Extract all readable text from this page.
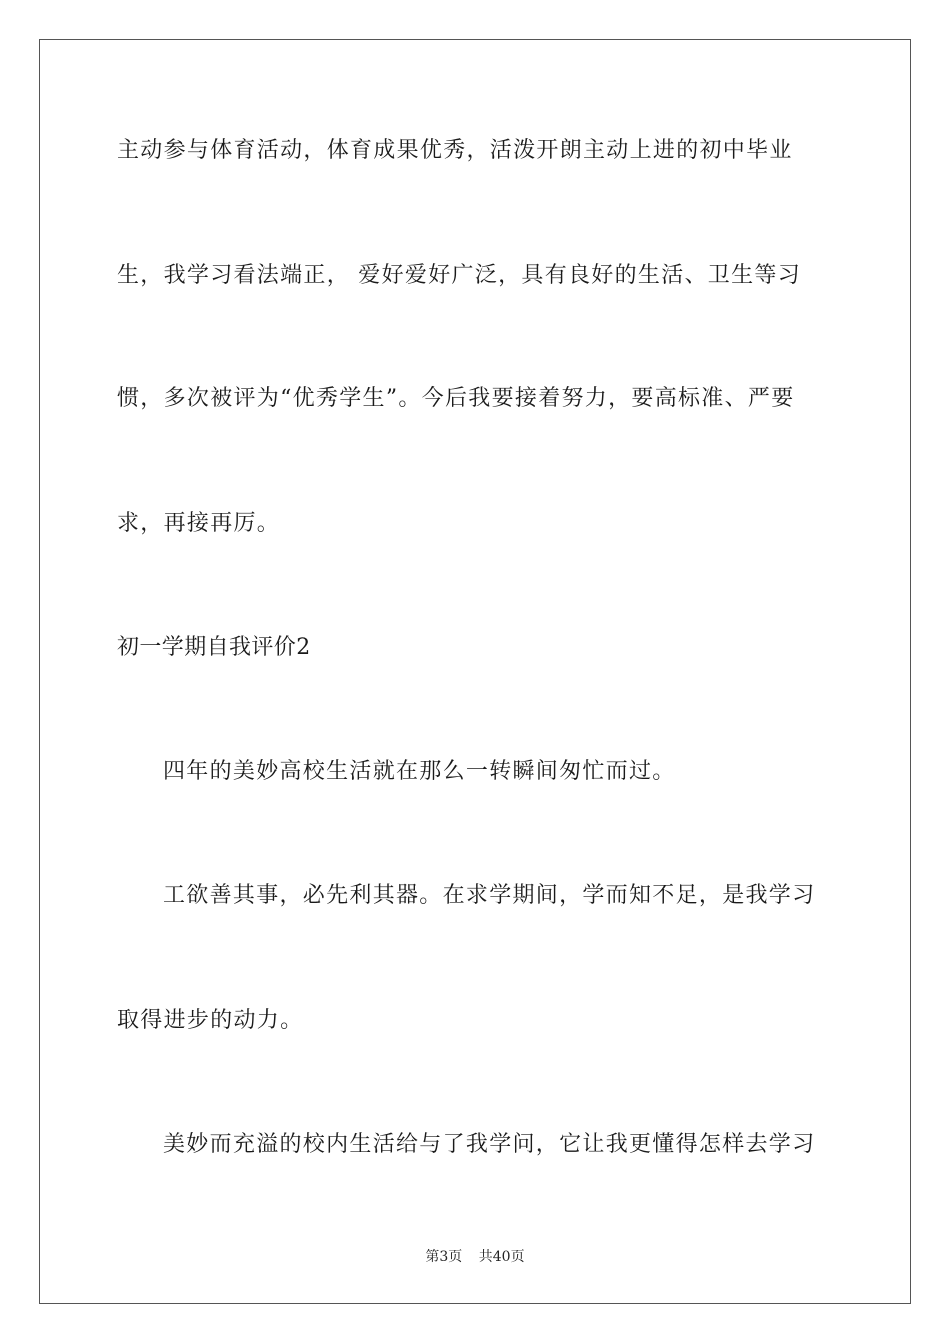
主动参与体育活动，体育成果优秀，活泼开朗主动上进的初中毕业
生，我学习看法端正， 爱好爱好广泛，具有良好的生活、卫生等习
惯，多次被评为“优秀学生”。今后我要接着努力，要高标准、严要
求，再接再厉。
初一学期自我评价2
四年的美妙高校生活就在那么一转瞬间匆忙而过。
工欲善其事，必先利其器。在求学期间，学而知不足，是我学习
取得进步的动力。
美妙而充溢的校内生活给与了我学问，它让我更懂得怎样去学习
第3页 共40页
